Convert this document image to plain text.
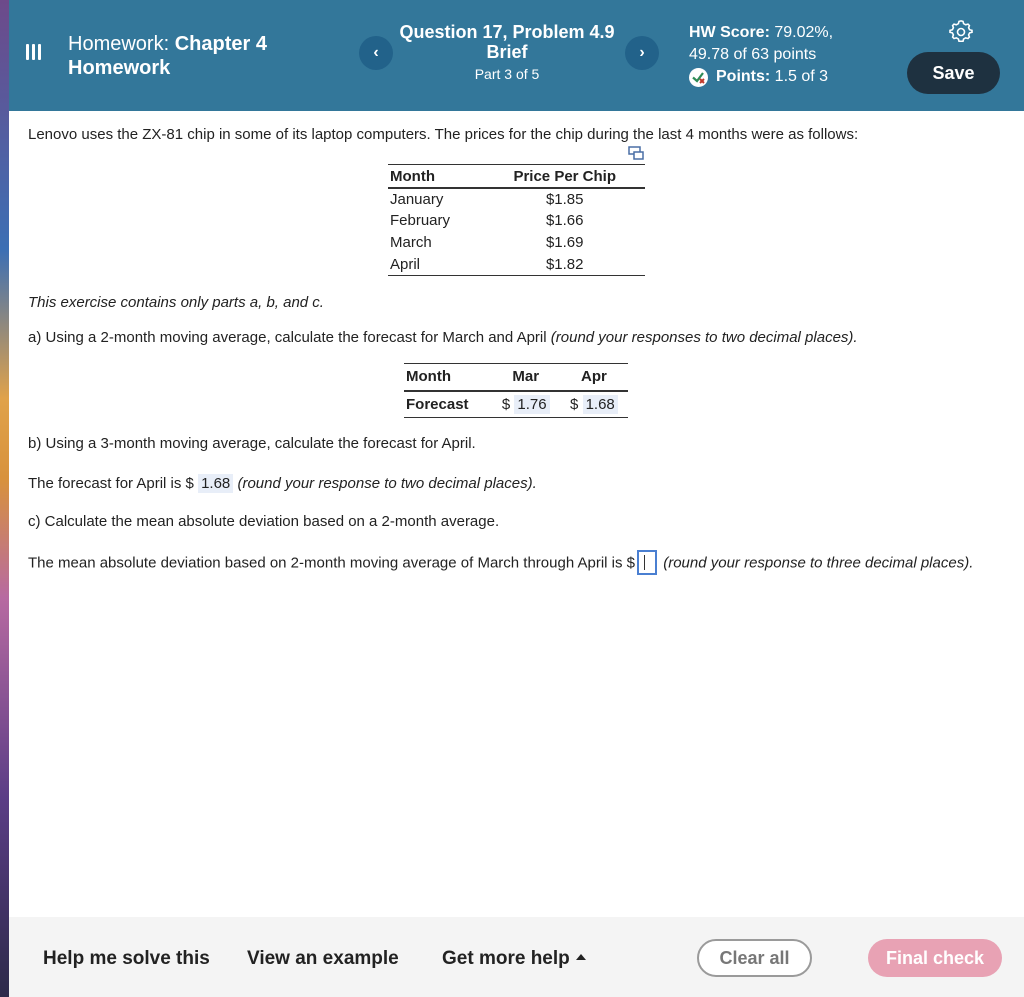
Homework: Chapter 4
Homework
‹
Question 17, Problem 4.9 Brief
Part 3 of 5
›
HW Score: 79.02%,
49.78 of 63 points
Points: 1.5 of 3	Save
Lenovo uses the ZX-81 chip in some of its laptop computers. The prices for the chip during the last 4 months were as follows:
Month	Price Per Chip
January	$1.85
February	$1.66
March	$1.69
April	$1.82
This exercise contains only parts a, b, and c.
a) Using a 2-month moving average, calculate the forecast for March and April (round your responses to two decimal places).
Month	Mar	Apr
Forecast	$ 1.76	$ 1.68
b) Using a 3-month moving average, calculate the forecast for April.
The forecast for April is $ 1.68 (round your response to two decimal places).
c) Calculate the mean absolute deviation based on a 2-month average.
The mean absolute deviation based on 2-month moving average of March through April is $ (round your response to three decimal places).
Help me solve this View an example Get more help	Clear all	Final check
